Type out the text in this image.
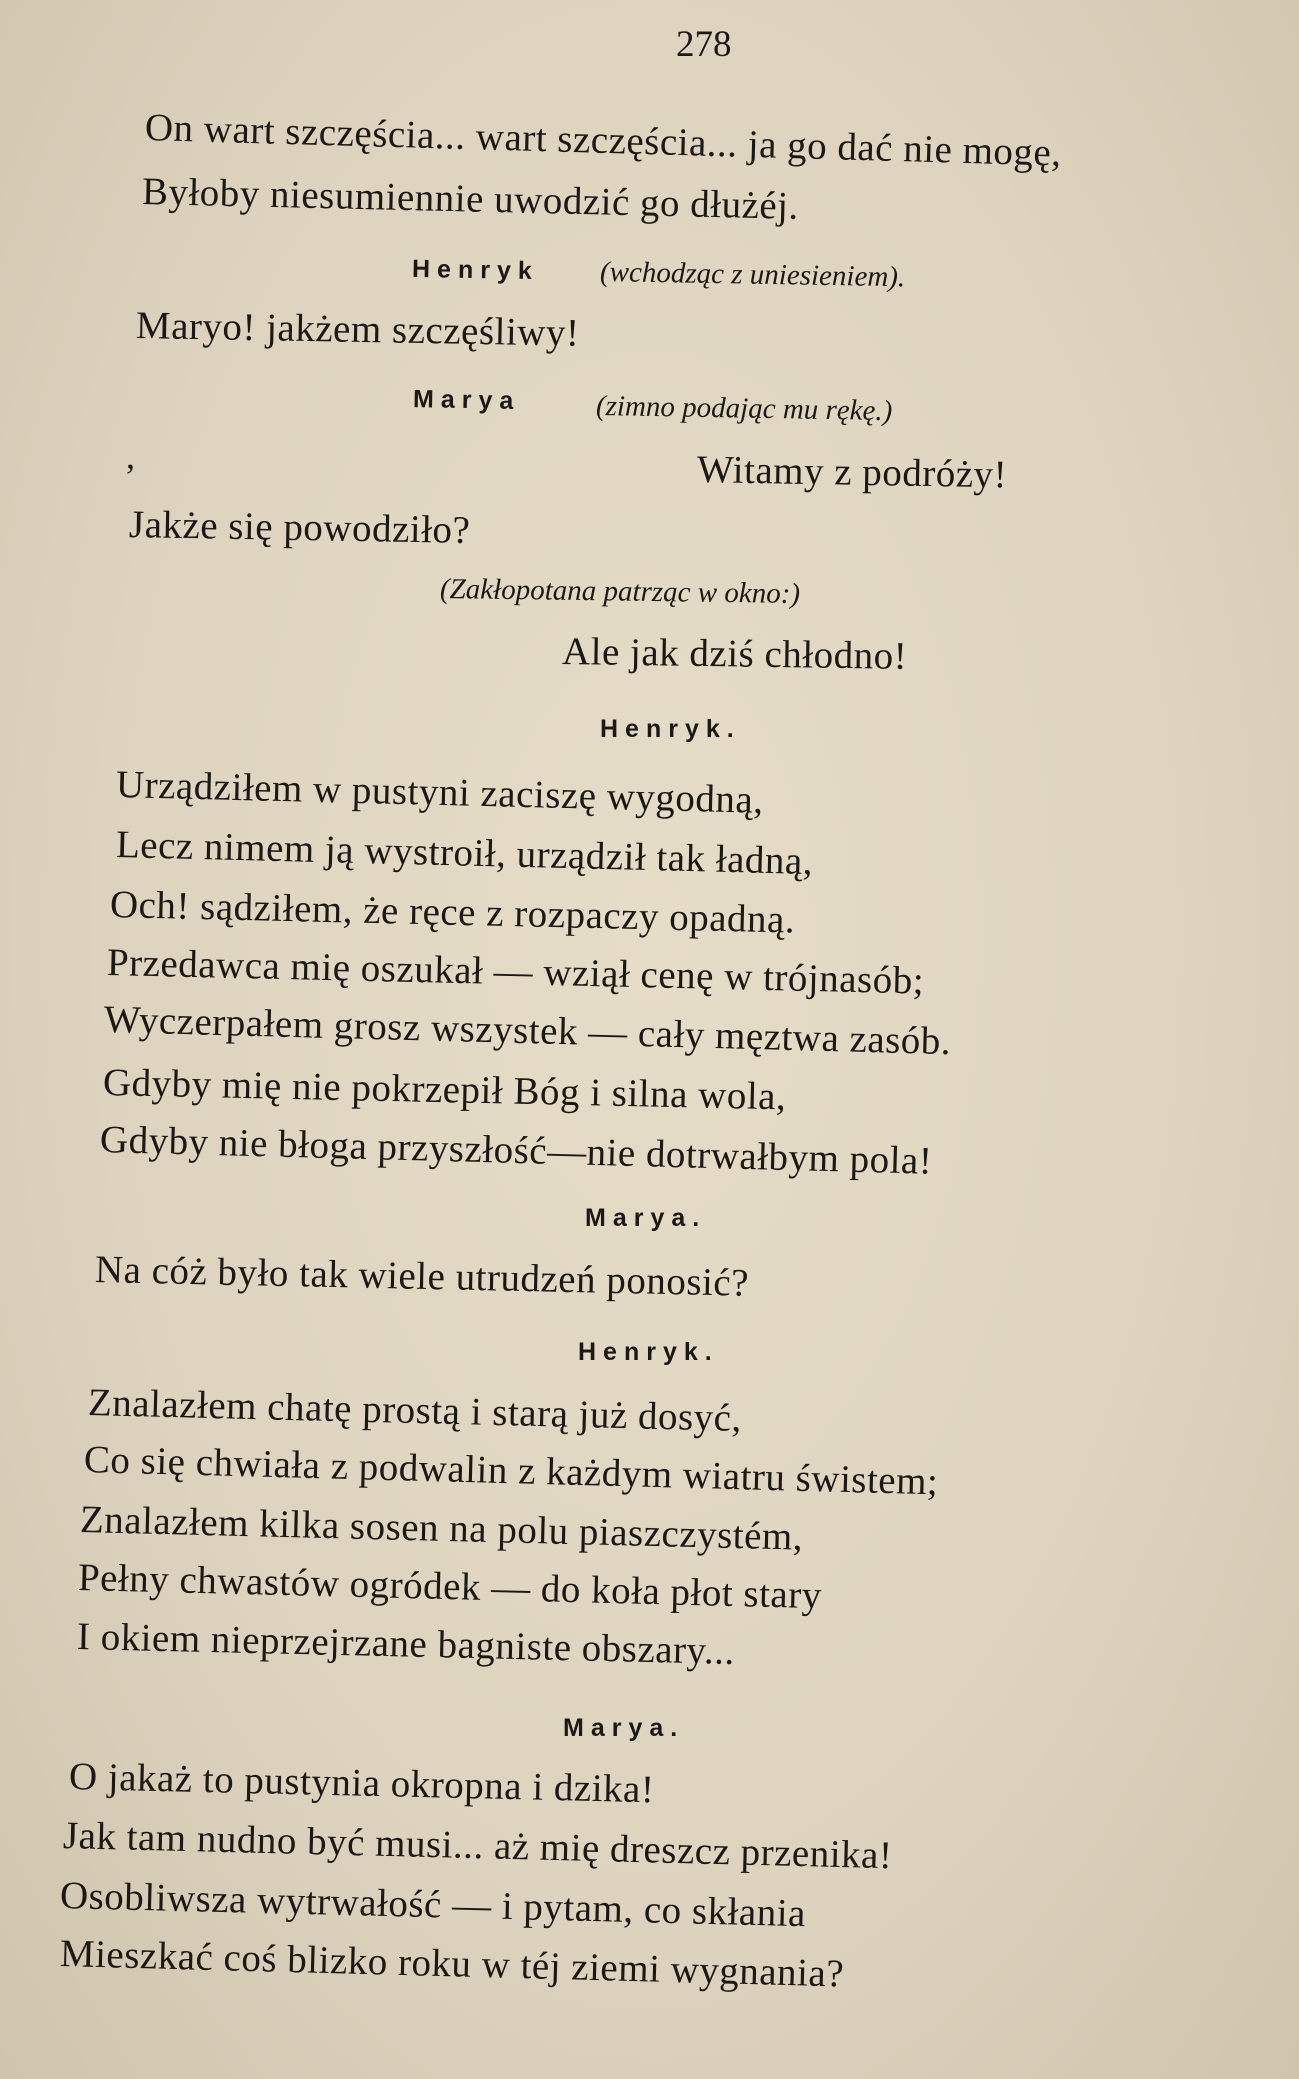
278
On wart szczęścia... wart szczęścia... ja go dać nie mogę,
Byłoby niesumiennie uwodzić go dłużéj.
Henryk (wchodząc z uniesieniem).
Maryo! jakżem szczęśliwy!
Marya	(zimno podając mu rękę.)
,	Witamy z podróży!
Jakże się powodziło?
(Zakłopotana patrząc w okno:)
Ale jak dziś chłodno!
Henryk.
Urządziłem w pustyni zaciszę wygodną,
Lecz nimem ją wystroił, urządził tak ładną,
Och! sądziłem, że ręce z rozpaczy opadną.
Przedawca mię oszukał — wziął cenę w trójnasób;
Wyczerpałem grosz wszystek — cały męztwa zasób.
Gdyby mię nie pokrzepił Bóg i silna wola,
Gdyby nie błoga przyszłość—nie dotrwałbym pola!
Marya.
Na cóż było tak wiele utrudzeń ponosić?
Henryk.
Znalazłem chatę prostą i starą już dosyć,
Co się chwiała z podwalin z każdym wiatru świstem;
Znalazłem kilka sosen na polu piaszczystém,
Pełny chwastów ogródek — do koła płot stary
I okiem nieprzejrzane bagniste obszary...
Marya.
O jakaż to pustynia okropna i dzika!
Jak tam nudno być musi... aż mię dreszcz przenika!
Osobliwsza wytrwałość — i pytam, co skłania
Mieszkać coś blizko roku w téj ziemi wygnania?
